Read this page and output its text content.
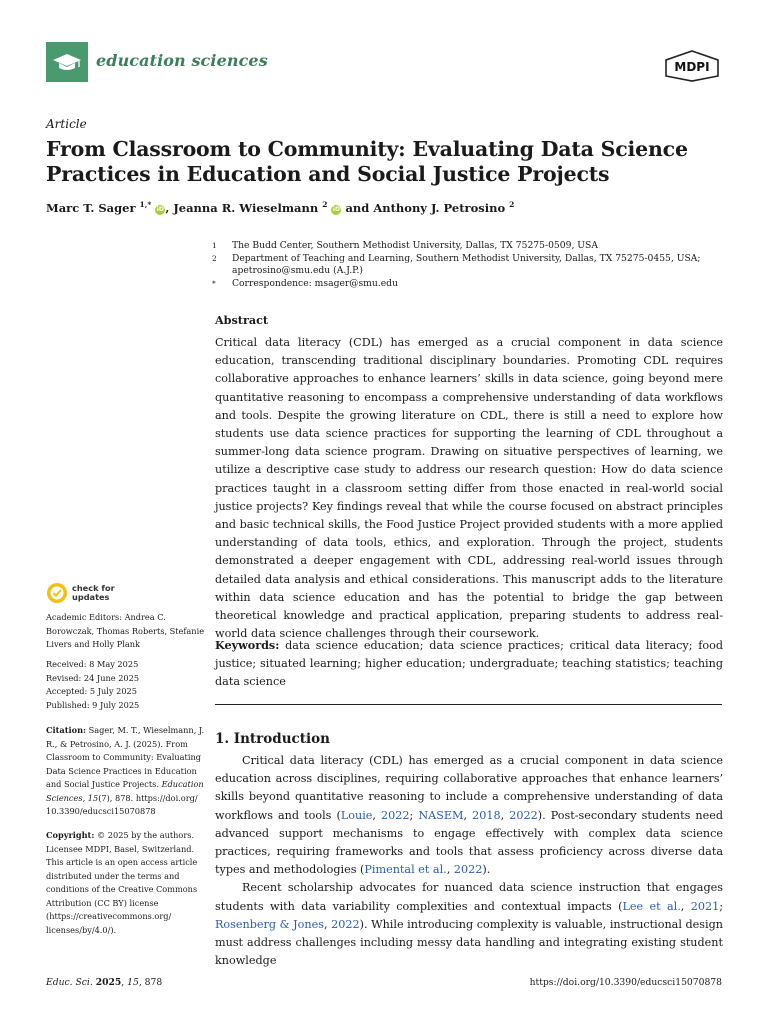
education sciences	MDPI
Article
From Classroom to Community: Evaluating Data Science
Practices in Education and Social Justice Projects
Marc T. Sager $^{1,*}$ iD, Jeanna R. Wieselmann $^2$ iD and Anthony J. Petrosino $^2$
1	The Budd Center, Southern Methodist University, Dallas, TX 75275-0509, USA
2	Department of Teaching and Learning, Southern Methodist University, Dallas, TX 75275-0455, USA; apetrosino@smu.edu (A.J.P.)
*	Correspondence: msager@smu.edu
Abstract
Critical data literacy (CDL) has emerged as a crucial component in data science education, transcending traditional disciplinary boundaries. Promoting CDL requires collaborative approaches to enhance learners’ skills in data science, going beyond mere quantitative reasoning to encompass a comprehensive understanding of data workflows and tools. Despite the growing literature on CDL, there is still a need to explore how students use data science practices for supporting the learning of CDL throughout a summer-long data science program. Drawing on situative perspectives of learning, we utilize a descriptive case study to address our research question: How do data science practices taught in a classroom setting differ from those enacted in real-world social justice projects? Key findings reveal that while the course focused on abstract principles and basic technical skills, the Food Justice Project provided students with a more applied understanding of data tools, ethics, and exploration. Through the project, students demonstrated a deeper engagement with CDL, addressing real-world issues through detailed data analysis and ethical considerations. This manuscript adds to the literature within data science education and has the potential to bridge the gap between theoretical knowledge and practical application, preparing students to address real-world data science challenges through their coursework.
Keywords: data science education; data science practices; critical data literacy; food justice; situated learning; higher education; undergraduate; teaching statistics; teaching data science
1. Introduction

Critical data literacy (CDL) has emerged as a crucial component in data science education across disciplines, requiring collaborative approaches that enhance learners’ skills beyond quantitative reasoning to include a comprehensive understanding of data workflows and tools (Louie, 2022; NASEM, 2018, 2022). Post-secondary students need advanced support mechanisms to engage effectively with complex data science practices, requiring frameworks and tools that assess proficiency across diverse data types and methodologies (Pimental et al., 2022).

Recent scholarship advocates for nuanced data science instruction that engages students with data variability complexities and contextual impacts (Lee et al., 2021; Rosenberg & Jones, 2022). While introducing complexity is valuable, instructional design must address challenges including messy data handling and integrating existing student knowledge

check for
updates
Academic Editors: Andrea C. Borowczak, Thomas Roberts, Stefanie Livers and Holly Plank
Received: 8 May 2025
Revised: 24 June 2025
Accepted: 5 July 2025
Published: 9 July 2025
Citation: Sager, M. T., Wieselmann, J. R., & Petrosino, A. J. (2025). From Classroom to Community: Evaluating Data Science Practices in Education and Social Justice Projects. Education Sciences, 15(7), 878. https://doi.org/ 10.3390/educsci15070878
Copyright: © 2025 by the authors. Licensee MDPI, Basel, Switzerland. This article is an open access article distributed under the terms and conditions of the Creative Commons Attribution (CC BY) license (https://creativecommons.org/ licenses/by/4.0/).
Educ. Sci. 2025, 15, 878	https://doi.org/10.3390/educsci15070878
